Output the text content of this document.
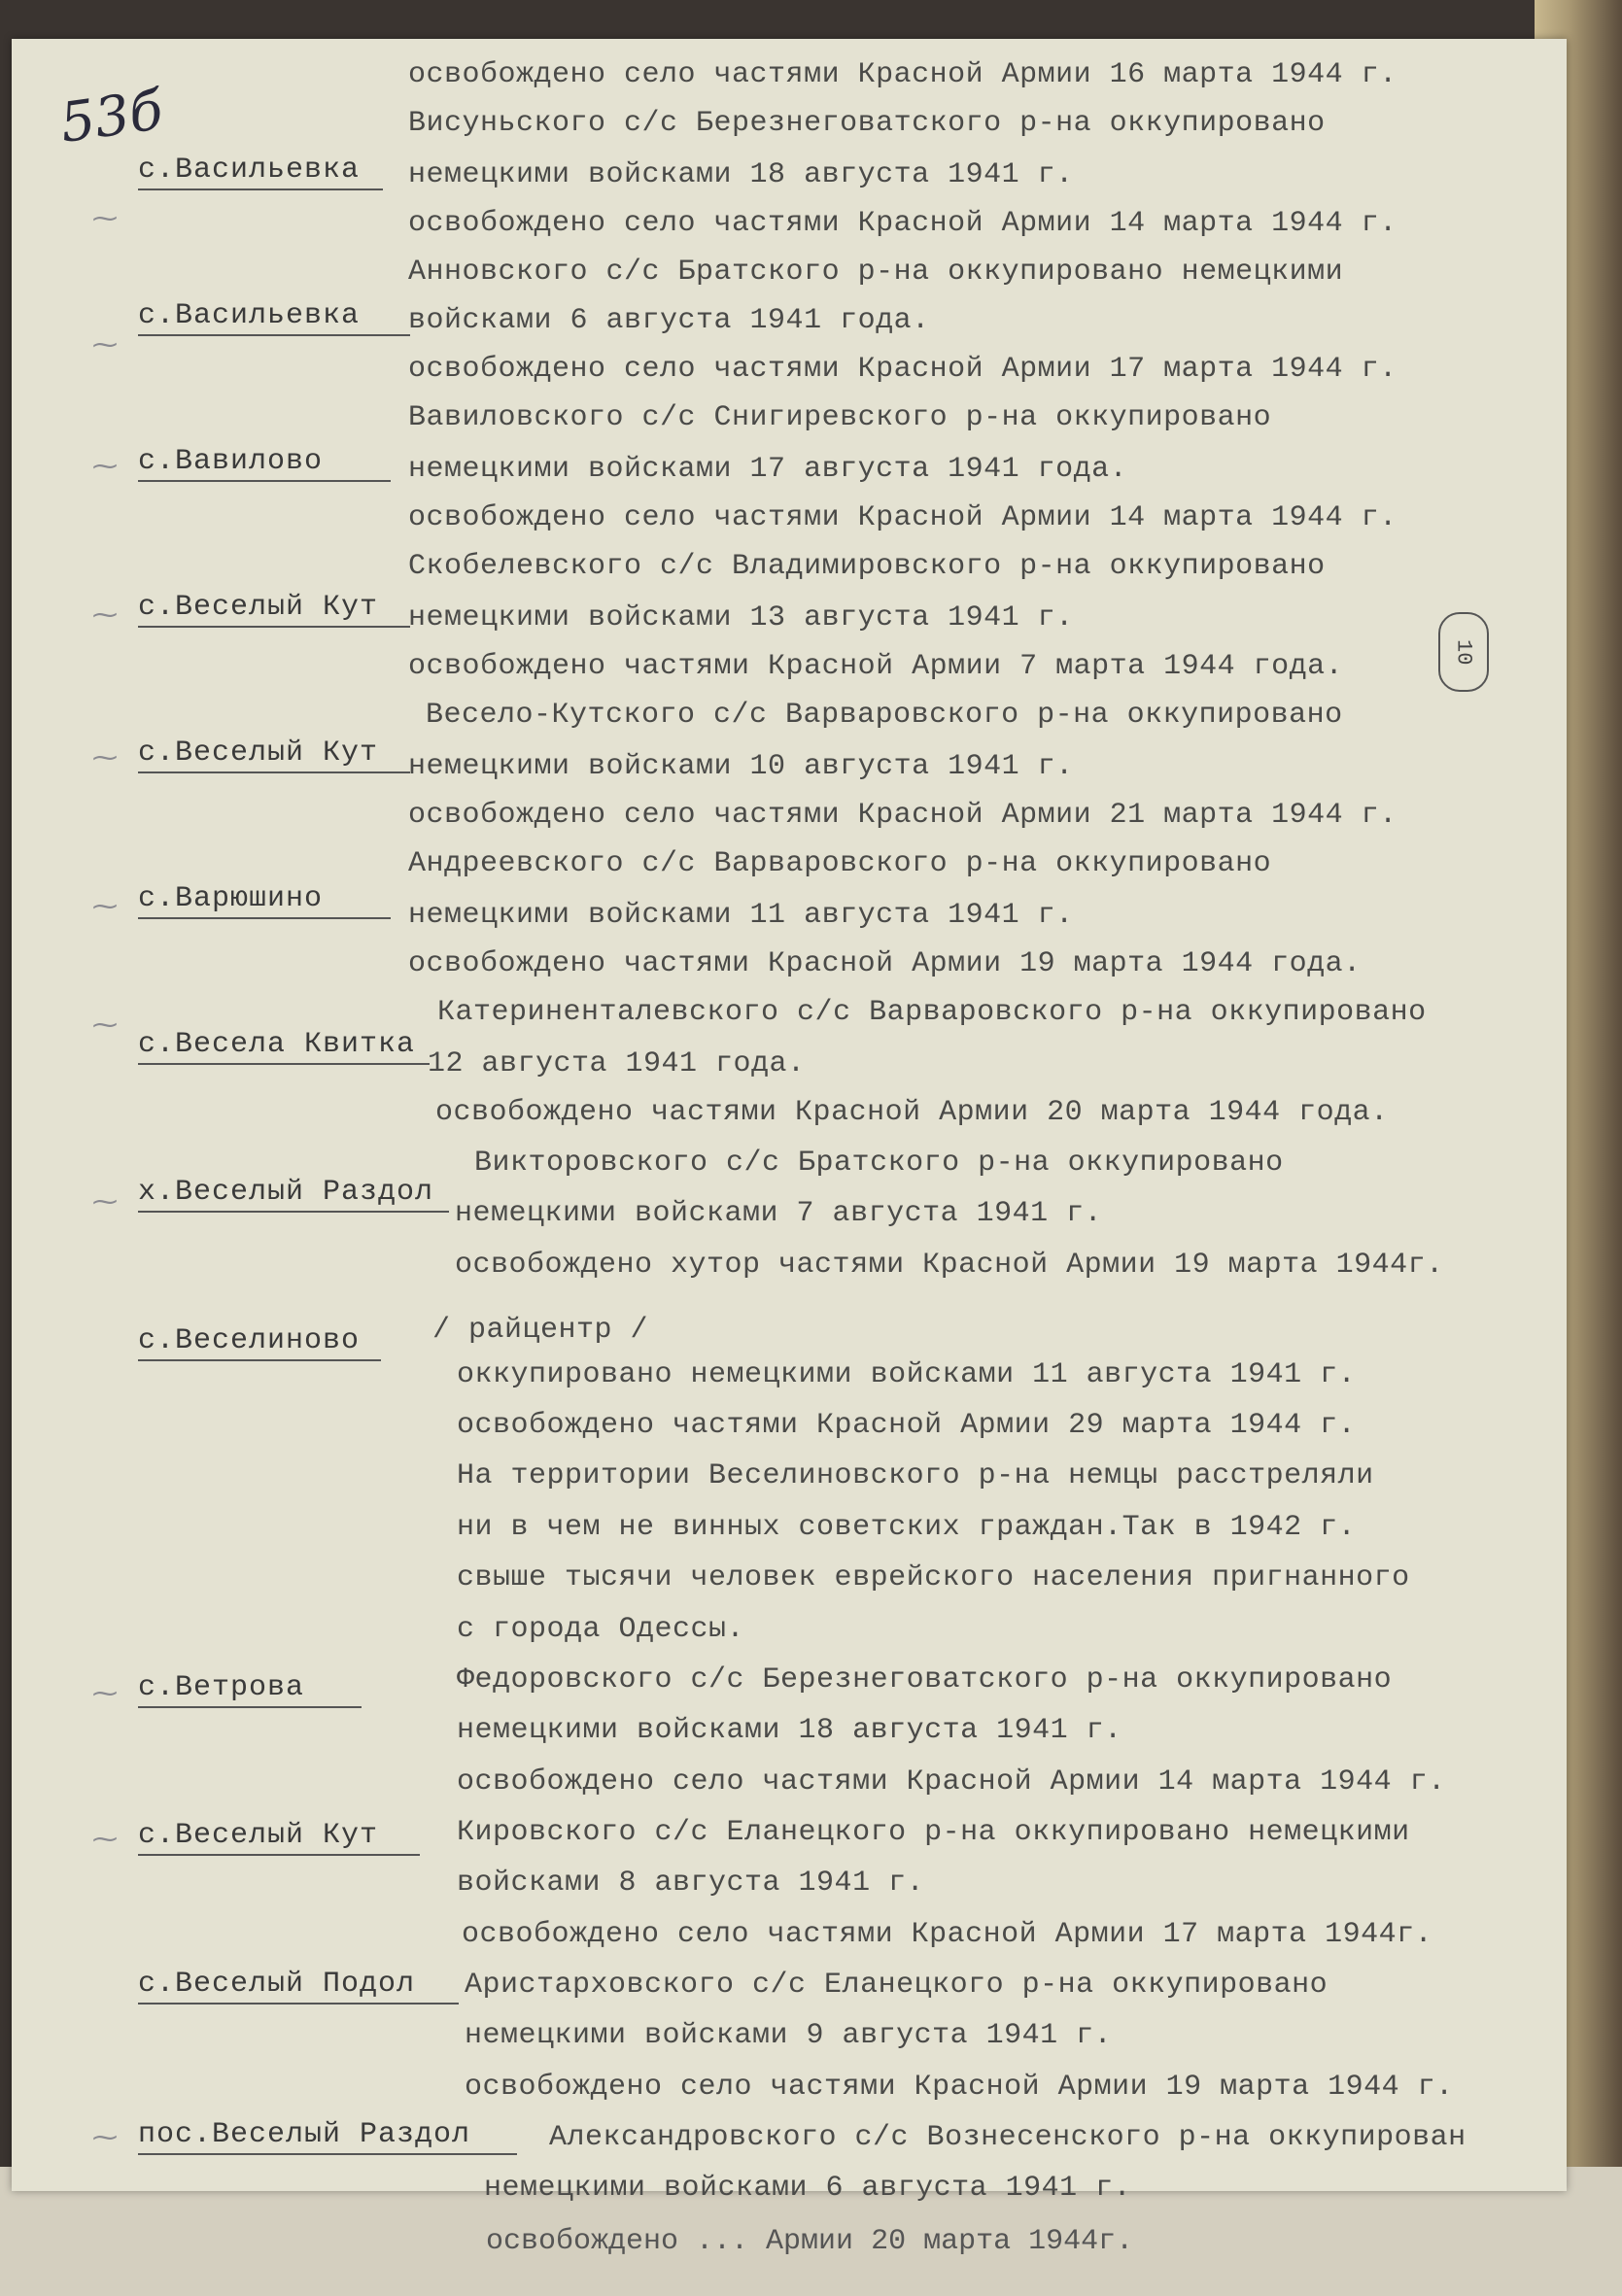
53б
⁓
⁓
⁓
⁓
⁓
⁓
⁓
⁓
⁓
⁓
⁓
10
с.Васильевка
с.Васильевка
с.Вавилово
с.Веселый Кут
с.Веселый Кут
с.Варюшино
с.Весела Квитка
х.Веселый Раздол
с.Веселиново
с.Ветрова
с.Веселый Кут
с.Веселый Подол
пос.Веселый Раздол
освобождено село частями Красной Армии 16 марта 1944 г.
Висуньского с/с Березнеговатского р-на оккупировано
немецкими войсками 18 августа 1941 г.
освобождено село частями Красной Армии 14 марта 1944 г.
Анновского с/с Братского р-на оккупировано немецкими
войсками 6 августа 1941 года.
освобождено село частями Красной Армии 17 марта 1944 г.
Вавиловского с/с Снигиревского р-на оккупировано
немецкими войсками 17 августа 1941 года.
освобождено село частями Красной Армии 14 марта 1944 г.
Скобелевского с/с Владимировского р-на оккупировано
немецкими войсками 13 августа 1941 г.
освобождено частями Красной Армии 7 марта 1944 года.
Весело-Кутского с/с Варваровского р-на оккупировано
немецкими войсками 10 августа 1941 г.
освобождено село частями Красной Армии 21 марта 1944 г.
Андреевского с/с Варваровского р-на оккупировано
немецкими войсками 11 августа 1941 г.
освобождено частями Красной Армии 19 марта 1944 года.
Катериненталевского с/с Варваровского р-на оккупировано
12 августа 1941 года.
освобождено частями Красной Армии 20 марта 1944 года.
Викторовского с/с Братского р-на оккупировано
немецкими войсками 7 августа 1941 г.
освобождено хутор частями Красной Армии 19 марта 1944г.
/ райцентр /
оккупировано немецкими войсками 11 августа 1941 г.
освобождено частями Красной Армии 29 марта 1944 г.
На территории Веселиновского р-на немцы расстреляли
ни в чем не винных советских граждан.Так в 1942 г.
свыше тысячи человек еврейского населения пригнанного
с города Одессы.
Федоровского с/с Березнеговатского р-на оккупировано
немецкими войсками 18 августа 1941 г.
освобождено село частями Красной Армии 14 марта 1944 г.
Кировского с/с Еланецкого р-на оккупировано немецкими
войсками 8 августа 1941 г.
освобождено село частями Красной Армии 17 марта 1944г.
Аристарховского с/с Еланецкого р-на оккупировано
немецкими войсками 9 августа 1941 г.
освобождено село частями Красной Армии 19 марта 1944 г.
Александровского с/с Вознесенского р-на оккупирован
немецкими войсками 6 августа 1941 г.
освобождено ... Армии 20 марта 1944г.
